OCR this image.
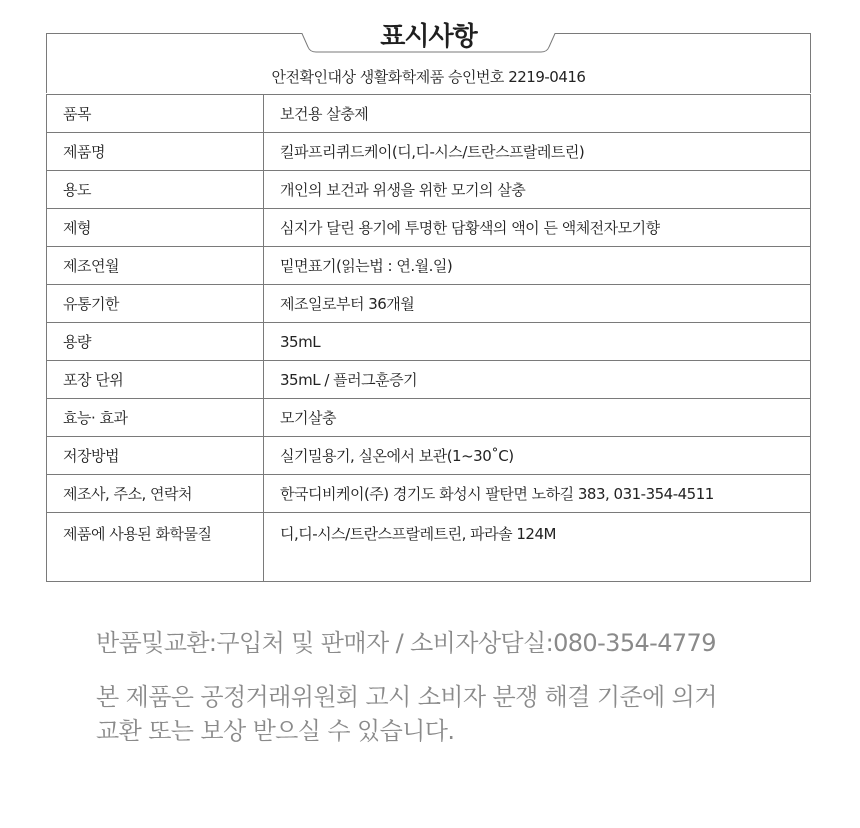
표시사항
안전확인대상 생활화학제품 승인번호 2219-0416
품목	보건용 살충제
제품명	킬파프리퀴드케이(디,디-시스/트란스프랄레트린)
용도	개인의 보건과 위생을 위한 모기의 살충
제형	심지가 달린 용기에 투명한 담황색의 액이 든 액체전자모기향
제조연월	밑면표기(읽는법 : 연.월.일)
유통기한	제조일로부터 36개월
용량	35mL
포장 단위	35mL / 플러그훈증기
효능· 효과	모기살충
저장방법	실기밀용기, 실온에서 보관(1~30˚C)
제조사, 주소, 연락처	한국디비케이(주) 경기도 화성시 팔탄면 노하길 383, 031-354-4511
제품에 사용된 화학물질	디,디-시스/트란스프랄레트린, 파라솔 124M
반품및교환:구입처 및 판매자 / 소비자상담실:080-354-4779
본 제품은 공정거래위원회 고시 소비자 분쟁 해결 기준에 의거
교환 또는 보상 받으실 수 있습니다.
